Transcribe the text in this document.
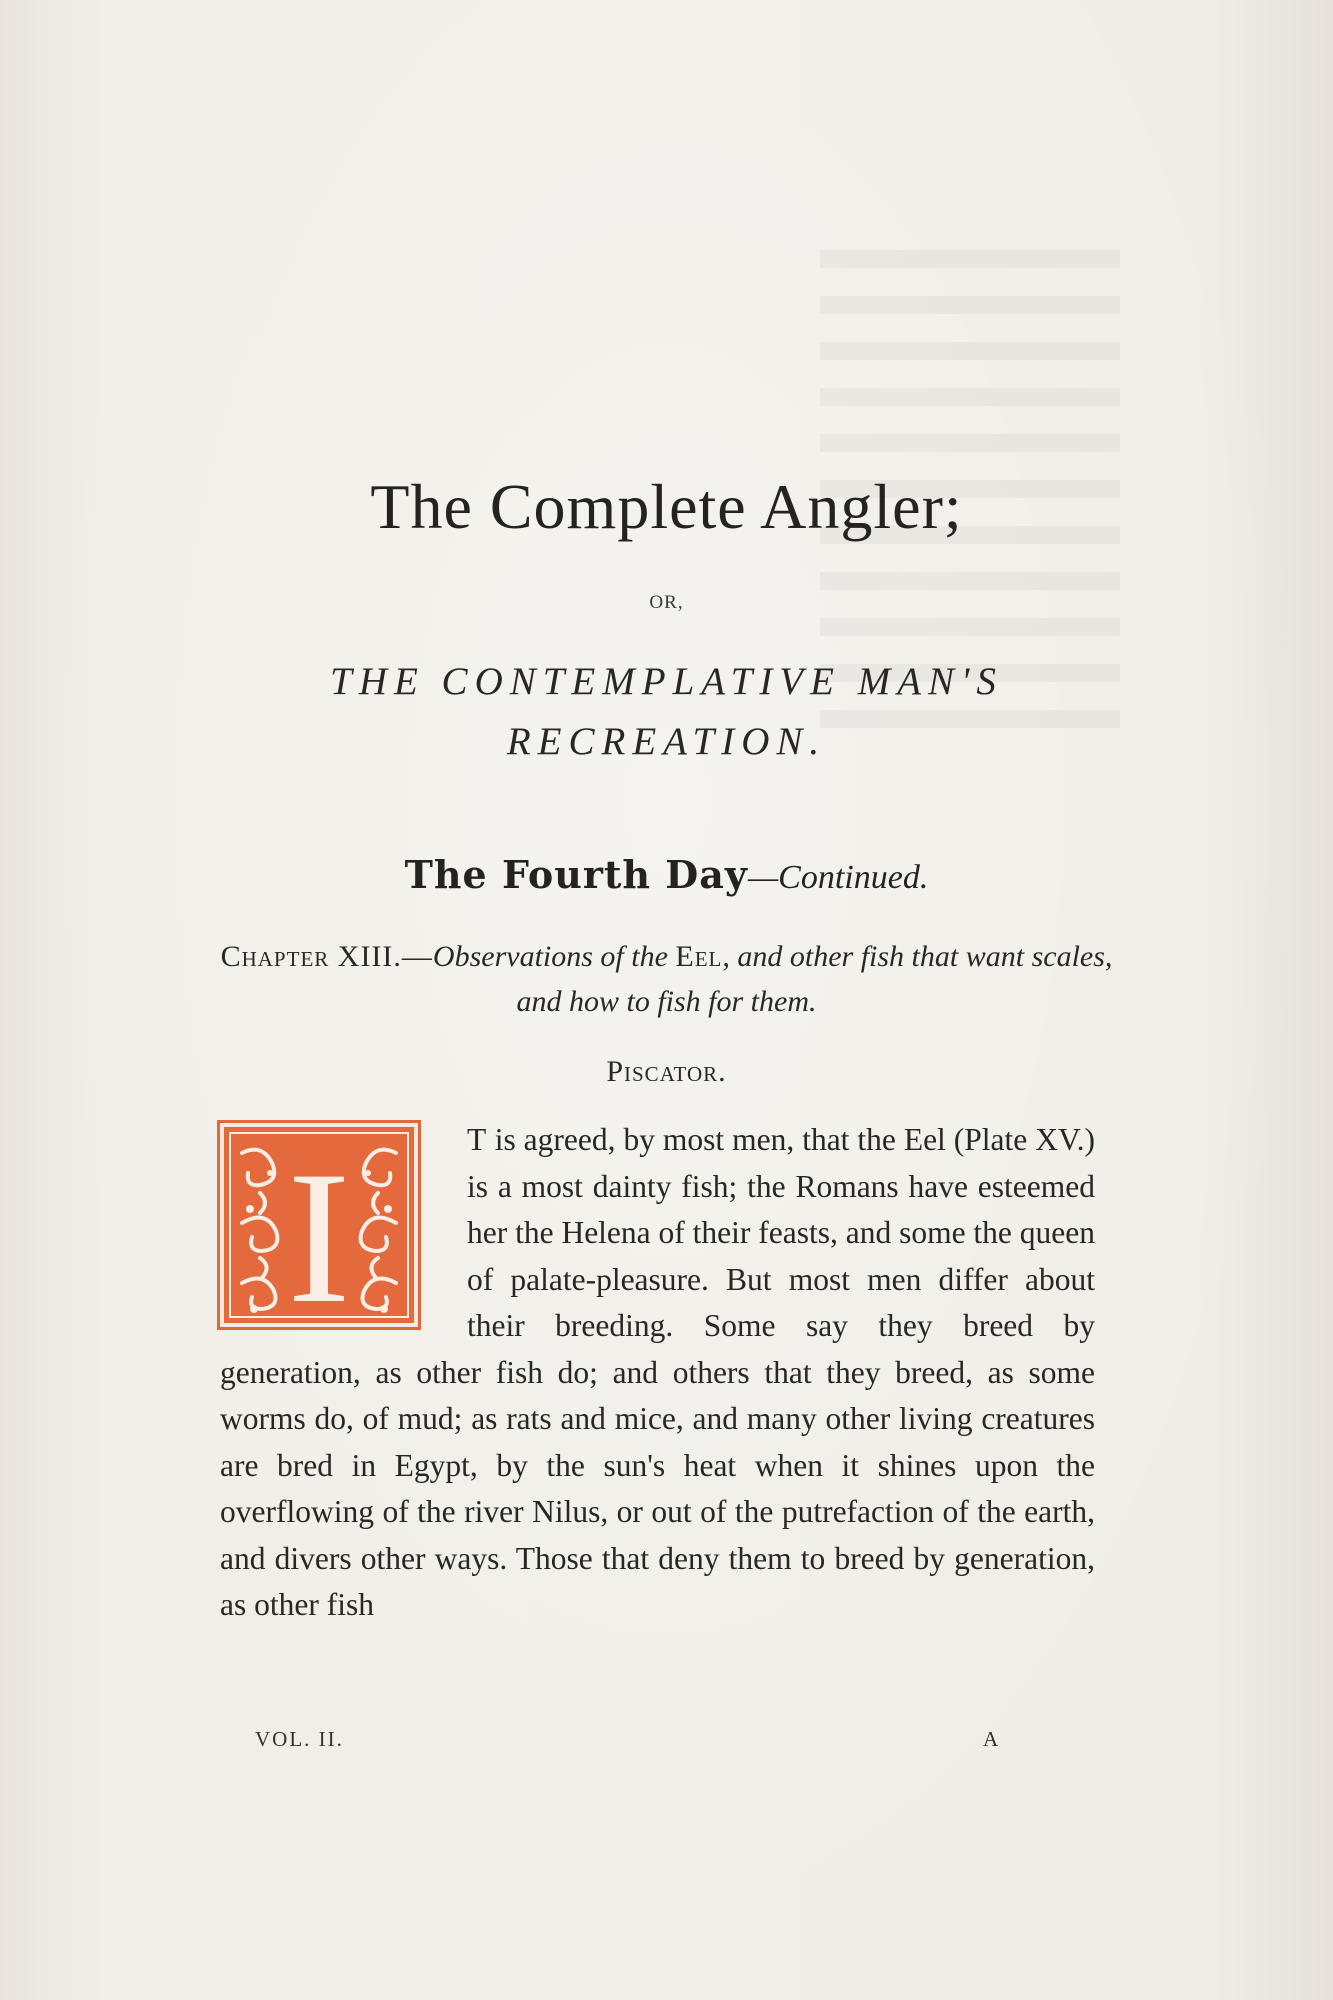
The Complete Angler;
OR,
THE CONTEMPLATIVE MAN'S
RECREATION.
The Fourth Day—Continued.
Chapter XIII.—Observations of the Eel, and other fish that want scales, and how to fish for them.
Piscator.
I	T is agreed, by most men, that the Eel (Plate XV.) is a most dainty fish; the Romans have esteemed her the Helena of their feasts, and some the queen of palate-pleasure. But most men differ about their breeding. Some say they breed by generation, as other fish do; and others that they breed, as some worms do, of mud; as rats and mice, and many other living creatures are bred in Egypt, by the sun's heat when it shines upon the overflowing of the river Nilus, or out of the putrefaction of the earth, and divers other ways. Those that deny them to breed by generation, as other fish

VOL. II.	A
